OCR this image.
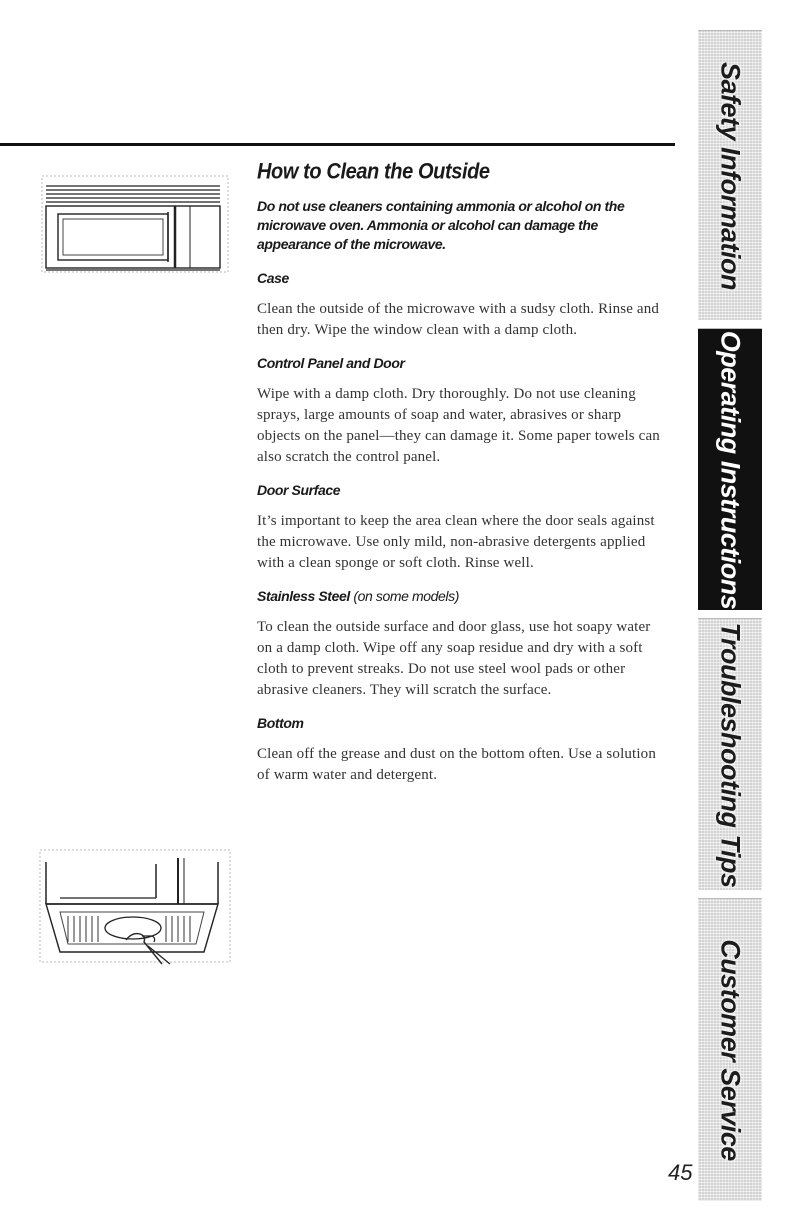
Safety Information
Operating Instructions
Troubleshooting Tips
Customer Service
How to Clean the Outside

Do not use cleaners containing ammonia or alcohol on the microwave oven. Ammonia or alcohol can damage the appearance of the microwave.

Case

Clean the outside of the microwave with a sudsy cloth. Rinse and then dry. Wipe the window clean with a damp cloth.

Control Panel and Door

Wipe with a damp cloth. Dry thoroughly. Do not use cleaning sprays, large amounts of soap and water, abrasives or sharp objects on the panel—they can damage it. Some paper towels can also scratch the control panel.

Door Surface

It’s important to keep the area clean where the door seals against the microwave. Use only mild, non-abrasive detergents applied with a clean sponge or soft cloth. Rinse well.

Stainless Steel (on some models)

To clean the outside surface and door glass, use hot soapy water on a damp cloth. Wipe off any soap residue and dry with a soft cloth to prevent streaks. Do not use steel wool pads or other abrasive cleaners. They will scratch the surface.

Bottom

Clean off the grease and dust on the bottom often. Use a solution of warm water and detergent.

45
